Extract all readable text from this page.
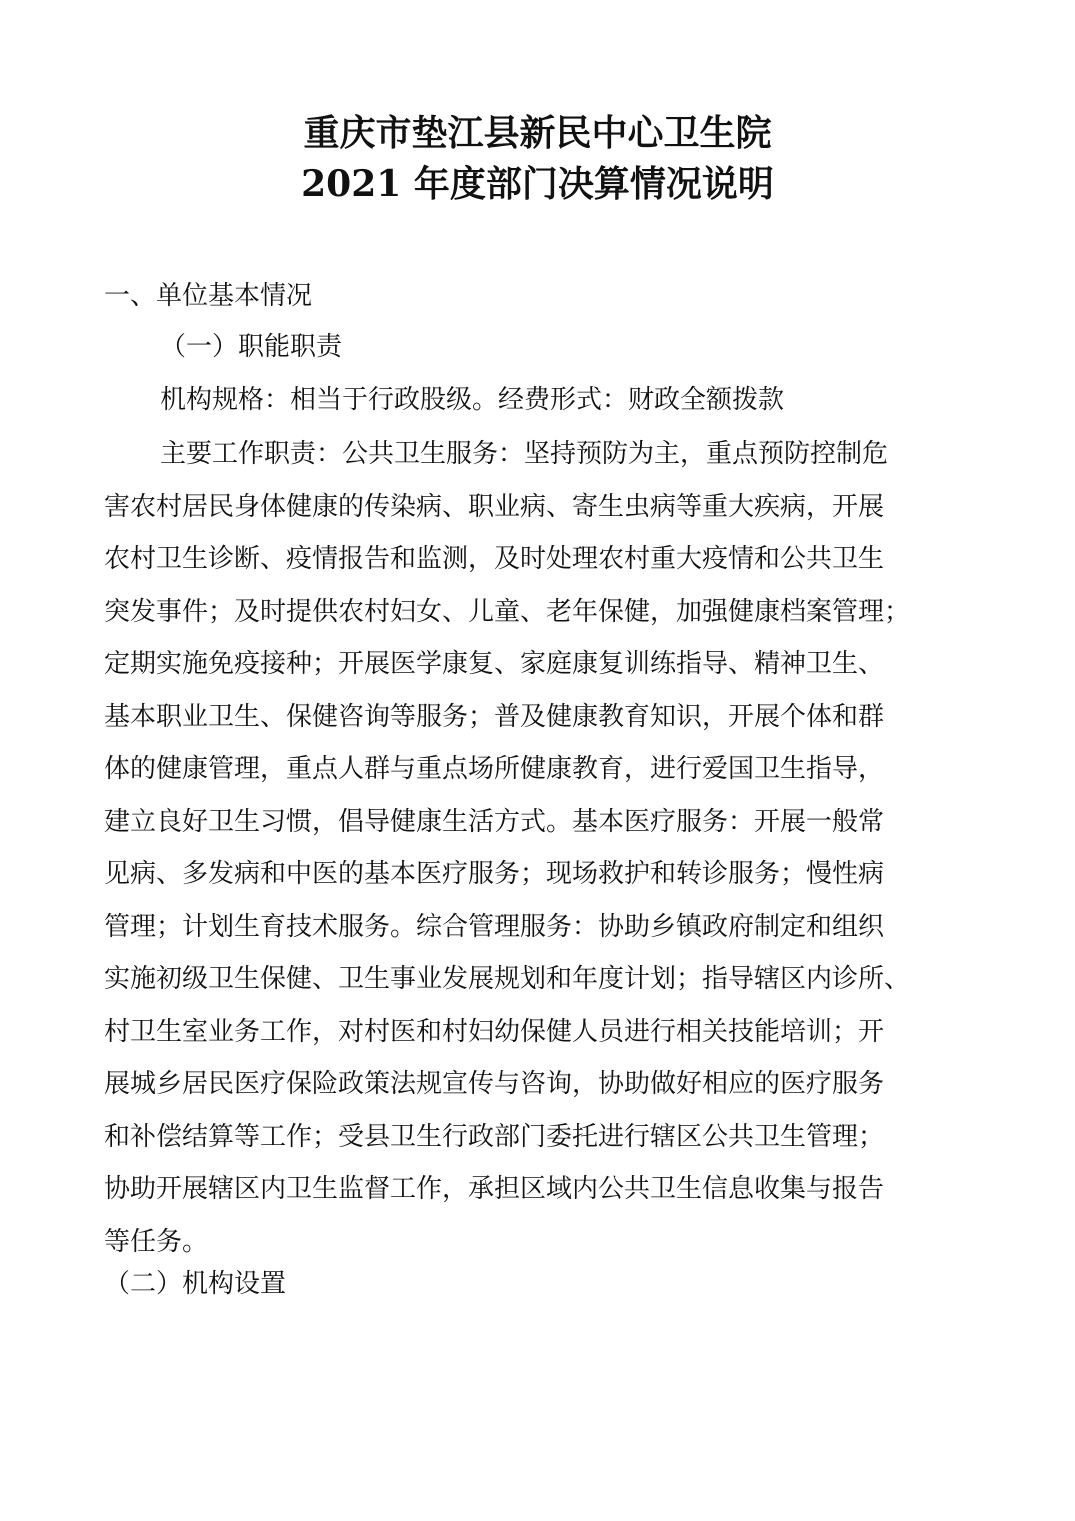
重庆市垫江县新民中心卫生院
2021 年度部门决算情况说明
一、单位基本情况
（一）职能职责
机构规格：相当于行政股级。经费形式：财政全额拨款
主要工作职责：公共卫生服务：坚持预防为主，重点预防控制危
害农村居民身体健康的传染病、职业病、寄生虫病等重大疾病，开展
农村卫生诊断、疫情报告和监测，及时处理农村重大疫情和公共卫生
突发事件；及时提供农村妇女、儿童、老年保健，加强健康档案管理；
定期实施免疫接种；开展医学康复、家庭康复训练指导、精神卫生、
基本职业卫生、保健咨询等服务；普及健康教育知识，开展个体和群
体的健康管理，重点人群与重点场所健康教育，进行爱国卫生指导，
建立良好卫生习惯，倡导健康生活方式。基本医疗服务：开展一般常
见病、多发病和中医的基本医疗服务；现场救护和转诊服务；慢性病
管理；计划生育技术服务。综合管理服务：协助乡镇政府制定和组织
实施初级卫生保健、卫生事业发展规划和年度计划；指导辖区内诊所、
村卫生室业务工作，对村医和村妇幼保健人员进行相关技能培训；开
展城乡居民医疗保险政策法规宣传与咨询，协助做好相应的医疗服务
和补偿结算等工作；受县卫生行政部门委托进行辖区公共卫生管理；
协助开展辖区内卫生监督工作，承担区域内公共卫生信息收集与报告
等任务。
（二）机构设置
